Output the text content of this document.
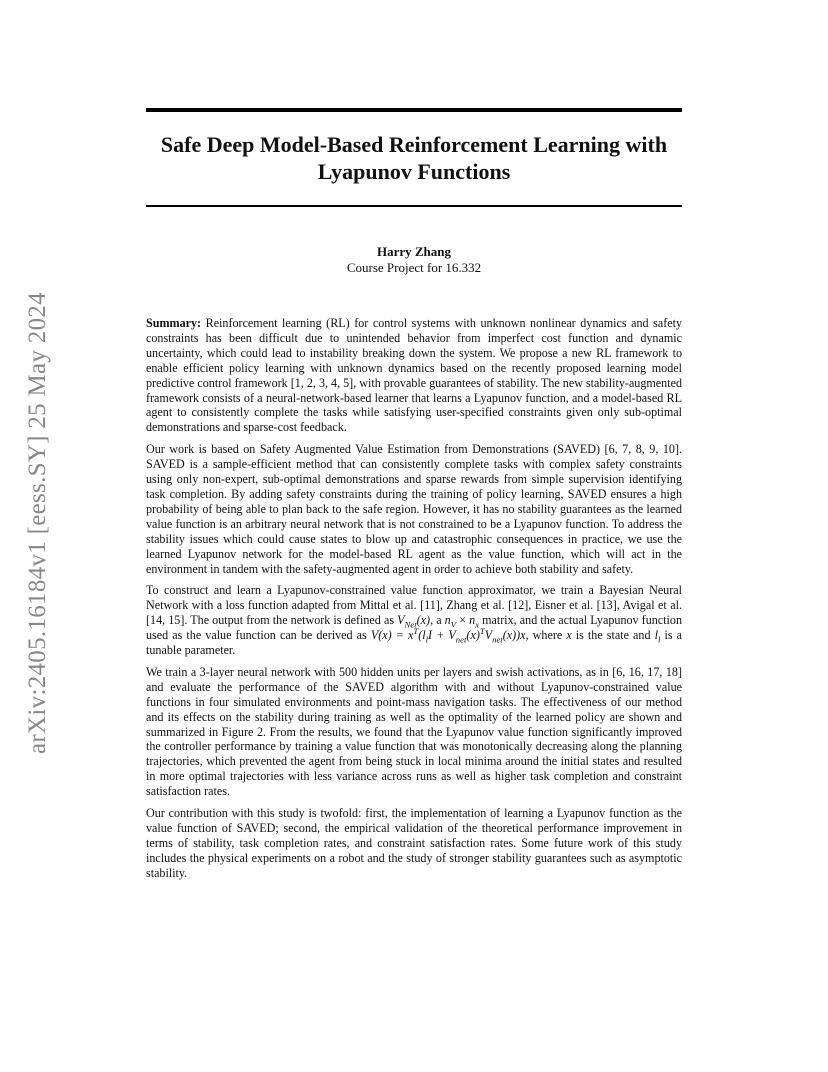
arXiv:2405.16184v1 [eess.SY] 25 May 2024
Safe Deep Model-Based Reinforcement Learning with Lyapunov Functions
Harry Zhang
Course Project for 16.332

Summary: Reinforcement learning (RL) for control systems with unknown nonlinear dynamics and safety constraints has been difficult due to unintended behavior from imperfect cost function and dynamic uncertainty, which could lead to instability breaking down the system. We propose a new RL framework to enable efficient policy learning with unknown dynamics based on the recently proposed learning model predictive control framework [1, 2, 3, 4, 5], with provable guarantees of stability. The new stability-augmented framework consists of a neural-network-based learner that learns a Lyapunov function, and a model-based RL agent to consistently complete the tasks while satisfying user-specified constraints given only sub-optimal demonstrations and sparse-cost feedback.

Our work is based on Safety Augmented Value Estimation from Demonstrations (SAVED) [6, 7, 8, 9, 10]. SAVED is a sample-efficient method that can consistently complete tasks with complex safety constraints using only non-expert, sub-optimal demonstrations and sparse rewards from simple supervision identifying task completion. By adding safety constraints during the training of policy learning, SAVED ensures a high probability of being able to plan back to the safe region. However, it has no stability guarantees as the learned value function is an arbitrary neural network that is not constrained to be a Lyapunov function. To address the stability issues which could cause states to blow up and catastrophic consequences in practice, we use the learned Lyapunov network for the model-based RL agent as the value function, which will act in the environment in tandem with the safety-augmented agent in order to achieve both stability and safety.

To construct and learn a Lyapunov-constrained value function approximator, we train a Bayesian Neural Network with a loss function adapted from Mittal et al. [11], Zhang et al. [12], Eisner et al. [13], Avigal et al. [14, 15]. The output from the network is defined as $V_{Net}(x)$, a $n_V \times n_x$ matrix, and the actual Lyapunov function used as the value function can be derived as $V(x) = x^T(l_lI + V_{net}(x)^TV_{net}(x))x$, where x is the state and $l_l$ is a tunable parameter.

We train a 3-layer neural network with 500 hidden units per layers and swish activations, as in [6, 16, 17, 18] and evaluate the performance of the SAVED algorithm with and without Lyapunov-constrained value functions in four simulated environments and point-mass navigation tasks. The effectiveness of our method and its effects on the stability during training as well as the optimality of the learned policy are shown and summarized in Figure 2. From the results, we found that the Lyapunov value function significantly improved the controller performance by training a value function that was monotonically decreasing along the planning trajectories, which prevented the agent from being stuck in local minima around the initial states and resulted in more optimal trajectories with less variance across runs as well as higher task completion and constraint satisfaction rates.

Our contribution with this study is twofold: first, the implementation of learning a Lyapunov function as the value function of SAVED; second, the empirical validation of the theoretical performance improvement in terms of stability, task completion rates, and constraint satisfaction rates. Some future work of this study includes the physical experiments on a robot and the study of stronger stability guarantees such as asymptotic stability.
